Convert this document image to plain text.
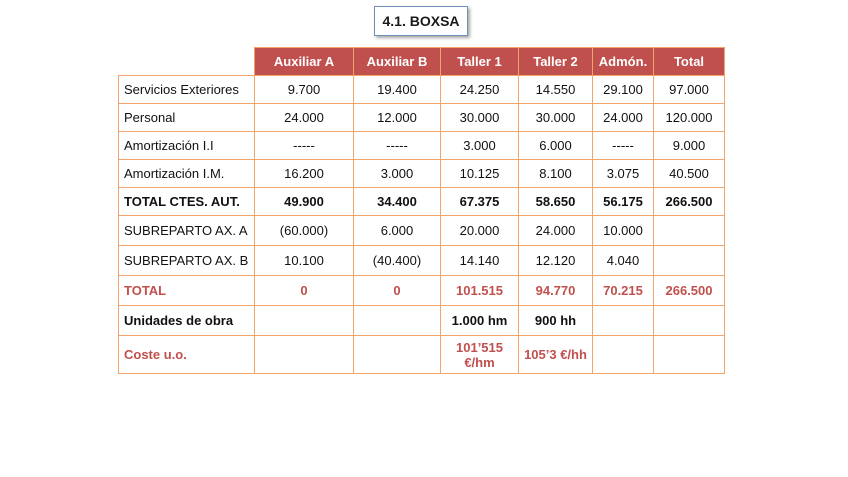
4.1. BOXSA
	Auxiliar A	Auxiliar B	Taller 1	Taller 2	Admón.	Total
Servicios Exteriores	9.700	19.400	24.250	14.550	29.100	97.000
Personal	24.000	12.000	30.000	30.000	24.000	120.000
Amortización I.I	-----	-----	3.000	6.000	-----	9.000
Amortización I.M.	16.200	3.000	10.125	8.100	3.075	40.500
TOTAL CTES. AUT.	49.900	34.400	67.375	58.650	56.175	266.500
SUBREPARTO AX. A	(60.000)	6.000	20.000	24.000	10.000	
SUBREPARTO AX. B	10.100	(40.400)	14.140	12.120	4.040	
TOTAL	0	0	101.515	94.770	70.215	266.500
Unidades de obra			1.000 hm	900 hh		
Coste u.o.			101’515 €/hm	105’3 €/hh		
